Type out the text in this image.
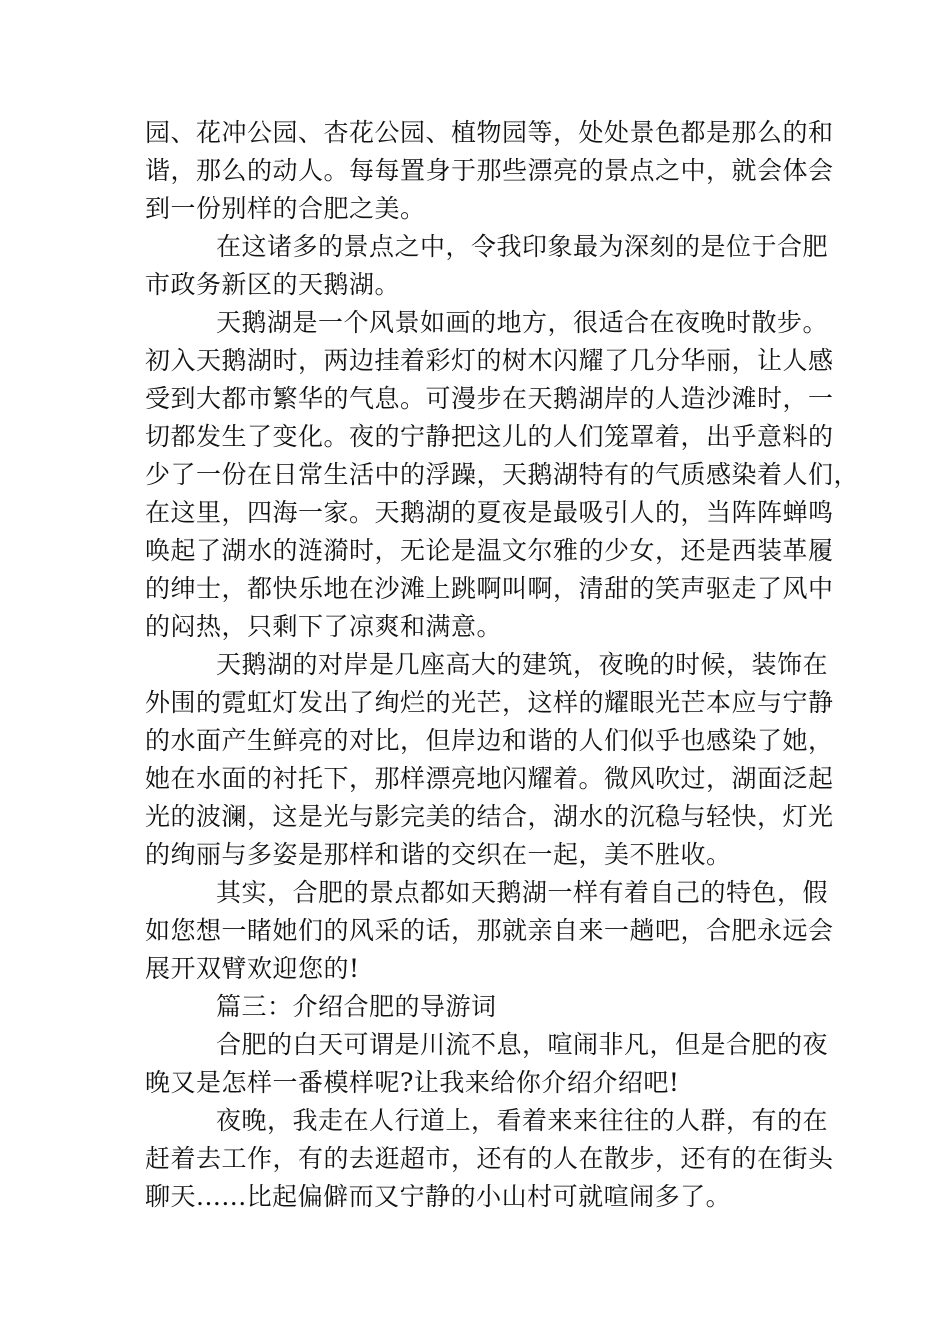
园、花冲公园、杏花公园、植物园等，处处景色都是那么的和
谐，那么的动人。每每置身于那些漂亮的景点之中，就会体会
到一份别样的合肥之美。
在这诸多的景点之中，令我印象最为深刻的是位于合肥
市政务新区的天鹅湖。
天鹅湖是一个风景如画的地方，很适合在夜晚时散步。
初入天鹅湖时，两边挂着彩灯的树木闪耀了几分华丽，让人感
受到大都市繁华的气息。可漫步在天鹅湖岸的人造沙滩时，一
切都发生了变化。夜的宁静把这儿的人们笼罩着，出乎意料的
少了一份在日常生活中的浮躁，天鹅湖特有的气质感染着人们，
在这里，四海一家。天鹅湖的夏夜是最吸引人的，当阵阵蝉鸣
唤起了湖水的涟漪时，无论是温文尔雅的少女，还是西装革履
的绅士，都快乐地在沙滩上跳啊叫啊，清甜的笑声驱走了风中
的闷热，只剩下了凉爽和满意。
天鹅湖的对岸是几座高大的建筑，夜晚的时候，装饰在
外围的霓虹灯发出了绚烂的光芒，这样的耀眼光芒本应与宁静
的水面产生鲜亮的对比，但岸边和谐的人们似乎也感染了她，
她在水面的衬托下，那样漂亮地闪耀着。微风吹过，湖面泛起
光的波澜，这是光与影完美的结合，湖水的沉稳与轻快，灯光
的绚丽与多姿是那样和谐的交织在一起，美不胜收。
其实，合肥的景点都如天鹅湖一样有着自己的特色，假
如您想一睹她们的风采的话，那就亲自来一趟吧，合肥永远会
展开双臂欢迎您的!
篇三：介绍合肥的导游词
合肥的白天可谓是川流不息，喧闹非凡，但是合肥的夜
晚又是怎样一番模样呢?让我来给你介绍介绍吧!
夜晚，我走在人行道上，看着来来往往的人群，有的在
赶着去工作，有的去逛超市，还有的人在散步，还有的在街头
聊天......比起偏僻而又宁静的小山村可就喧闹多了。
